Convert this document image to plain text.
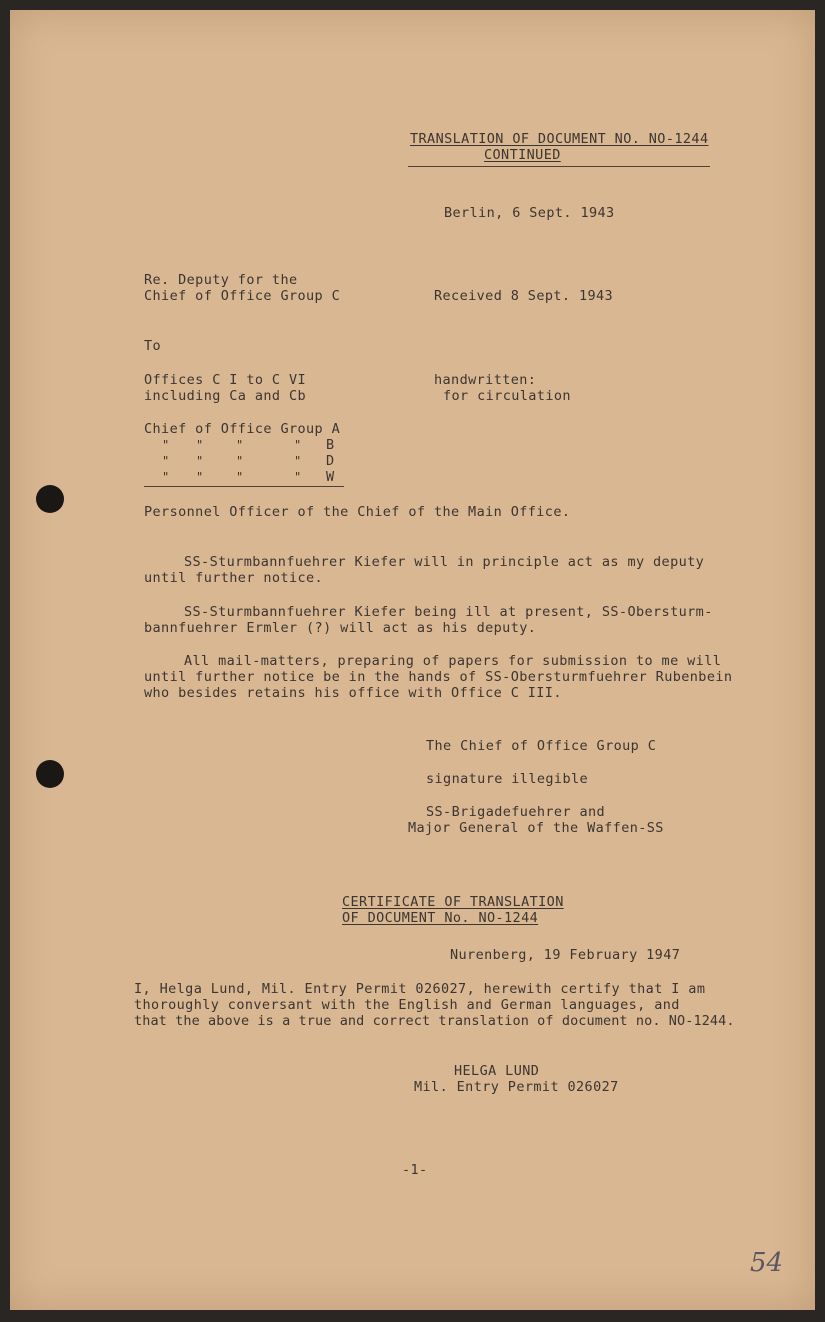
TRANSLATION OF DOCUMENT NO. NO-1244
CONTINUED
Berlin, 6 Sept. 1943
Re. Deputy for the
Chief of Office Group C	Received 8 Sept. 1943
To
Offices C I to C VI
including Ca and Cb
handwritten:
for circulation
Chief of Office Group A
" "	"	" B
" "	"	" D
" "	"	" W
Personnel Officer of the Chief of the Main Office.
SS-Sturmbannfuehrer Kiefer will in principle act as my deputy
until further notice.
SS-Sturmbannfuehrer Kiefer being ill at present, SS-Obersturm-
bannfuehrer Ermler (?) will act as his deputy.
All mail-matters, preparing of papers for submission to me will
until further notice be in the hands of SS-Obersturmfuehrer Rubenbein
who besides retains his office with Office C III.
The Chief of Office Group C
signature illegible
SS-Brigadefuehrer and
Major General of the Waffen-SS
CERTIFICATE OF TRANSLATION
OF DOCUMENT No. NO-1244
Nurenberg, 19 February 1947
I, Helga Lund, Mil. Entry Permit 026027, herewith certify that I am
thoroughly conversant with the English and German languages, and
that the above is a true and correct translation of document no. NO-1244.
HELGA LUND
Mil. Entry Permit 026027
-1-
54
